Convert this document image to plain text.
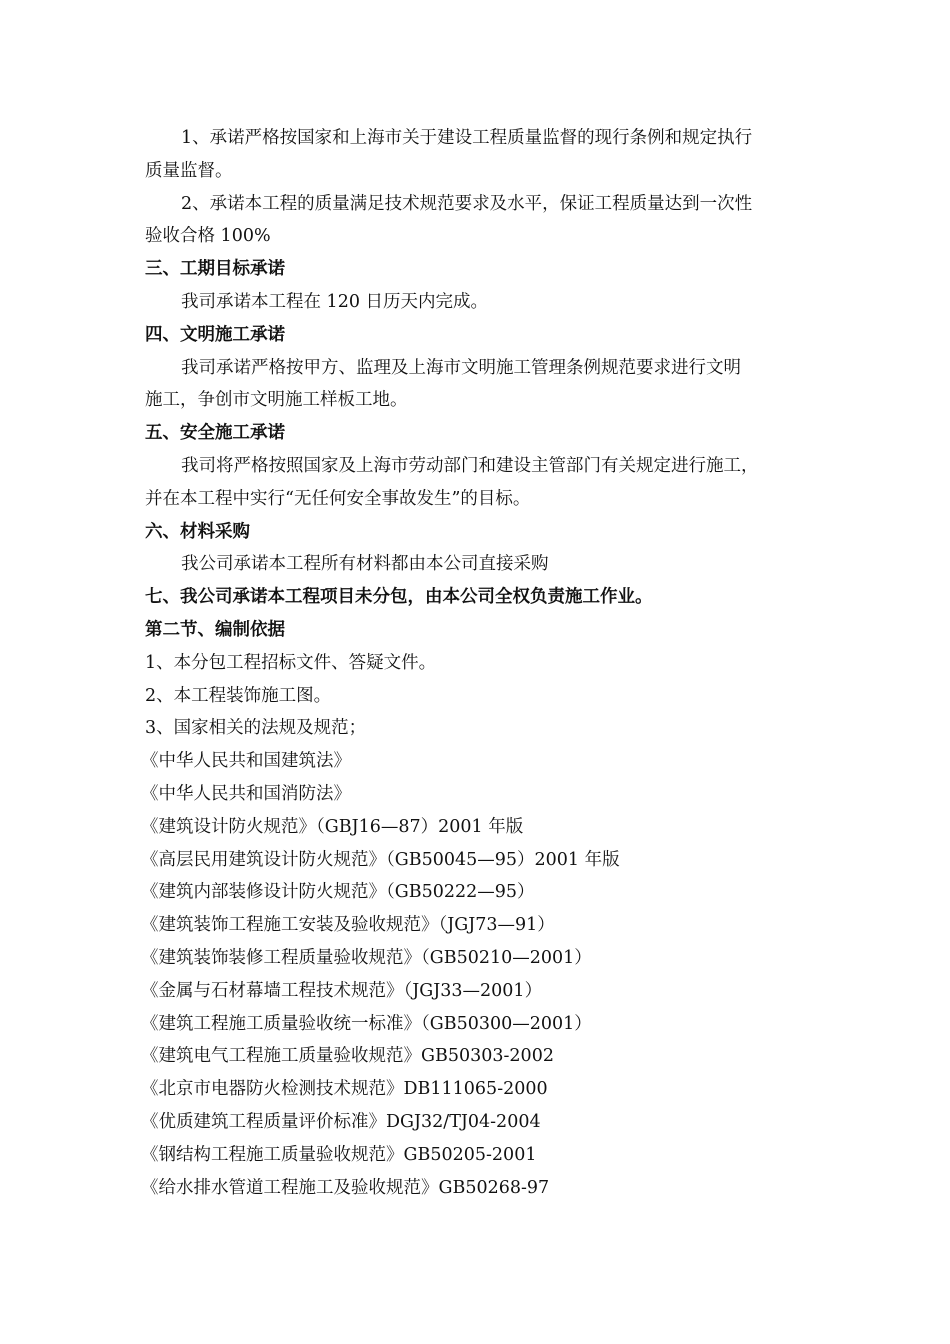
1、承诺严格按国家和上海市关于建设工程质量监督的现行条例和规定执行
质量监督。
2、承诺本工程的质量满足技术规范要求及水平，保证工程质量达到一次性
验收合格 100%
三、工期目标承诺
我司承诺本工程在 120 日历天内完成。
四、文明施工承诺
我司承诺严格按甲方、监理及上海市文明施工管理条例规范要求进行文明
施工，争创市文明施工样板工地。
五、安全施工承诺
我司将严格按照国家及上海市劳动部门和建设主管部门有关规定进行施工，
并在本工程中实行“无任何安全事故发生”的目标。
六、材料采购
我公司承诺本工程所有材料都由本公司直接采购
七、我公司承诺本工程项目未分包，由本公司全权负责施工作业。
第二节、编制依据
1、本分包工程招标文件、答疑文件。
2、本工程装饰施工图。
3、国家相关的法规及规范；
《中华人民共和国建筑法》
《中华人民共和国消防法》
《建筑设计防火规范》（GBJ16—87）2001 年版
《高层民用建筑设计防火规范》（GB50045—95）2001 年版
《建筑内部装修设计防火规范》（GB50222—95）
《建筑装饰工程施工安装及验收规范》（JGJ73—91）
《建筑装饰装修工程质量验收规范》（GB50210—2001）
《金属与石材幕墙工程技术规范》（JGJ33—2001）
《建筑工程施工质量验收统一标准》（GB50300—2001）
《建筑电气工程施工质量验收规范》GB50303-2002
《北京市电器防火检测技术规范》DB111065-2000
《优质建筑工程质量评价标准》DGJ32/TJ04-2004
《钢结构工程施工质量验收规范》GB50205-2001
《给水排水管道工程施工及验收规范》GB50268-97
